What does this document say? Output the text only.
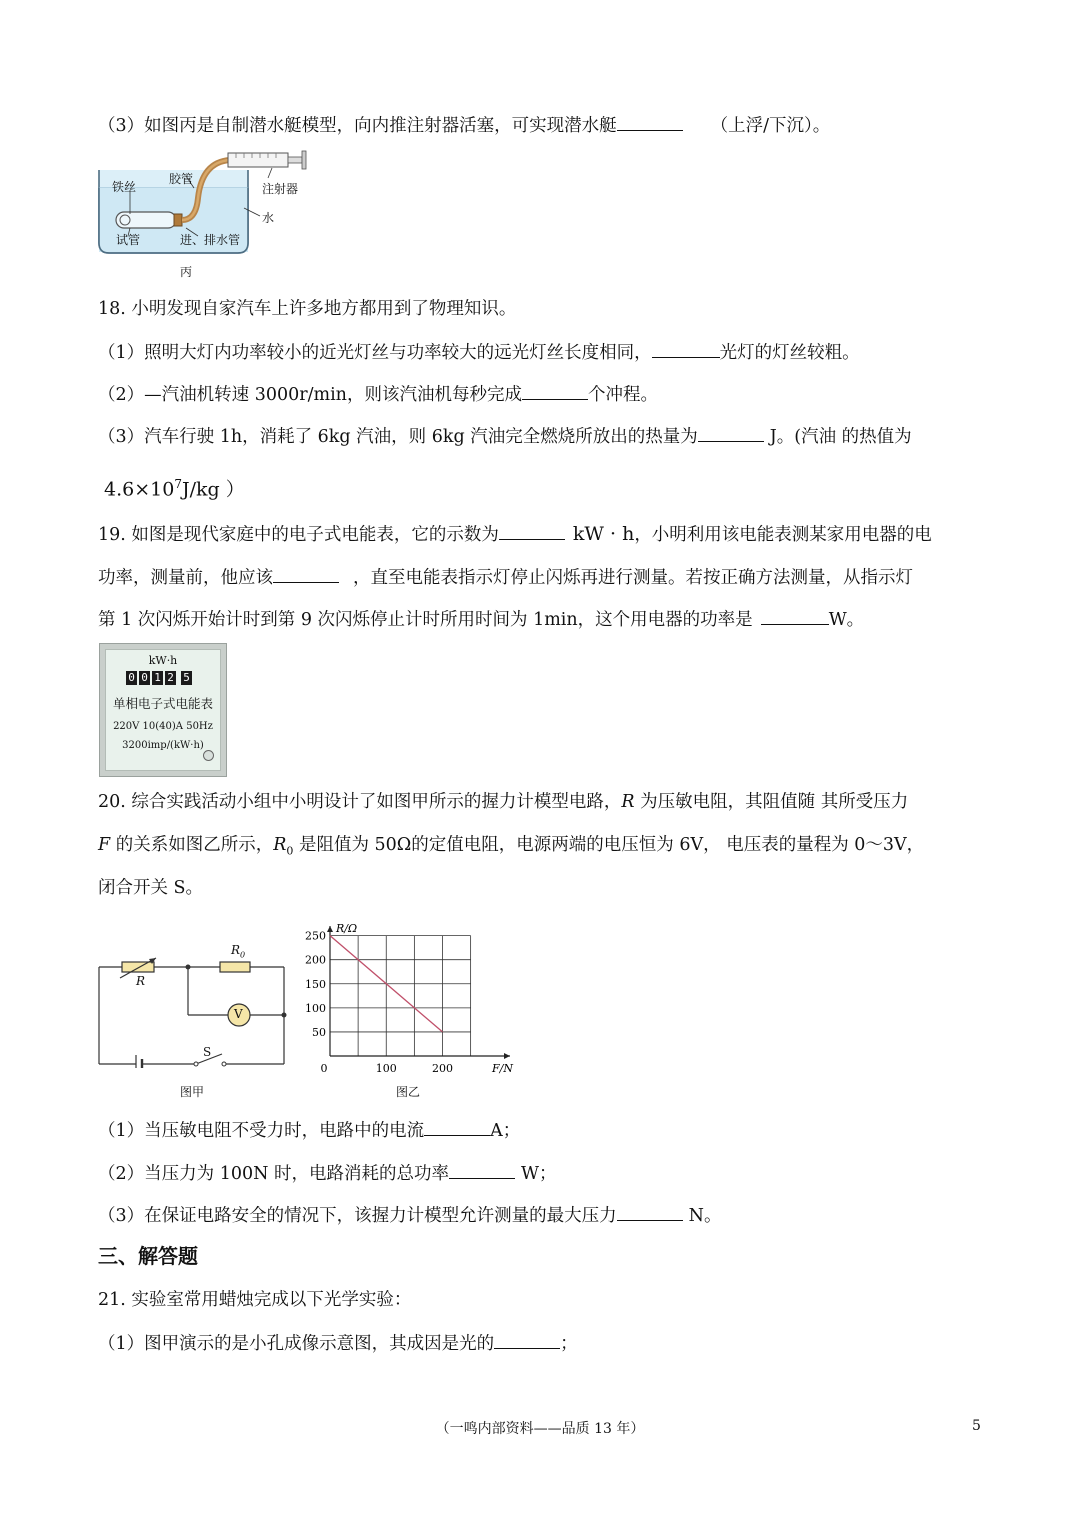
（3）如图丙是自制潜水艇模型，向内推注射器活塞，可实现潜水艇	（上浮/下沉）。
铁丝
胶管
注射器
水
试管	进、排水管
丙
18. 小明发现自家汽车上许多地方都用到了物理知识。
（1）照明大灯内功率较小的近光灯丝与功率较大的远光灯丝长度相同，	光灯的灯丝较粗。
（2）—汽油机转速 3000r/min，则该汽油机每秒完成	个冲程。
（3）汽车行驶 1h，消耗了 6kg 汽油，则 6kg 汽油完全燃烧所放出的热量为	J。(汽油 的热值为
$4.6\times 10^7J/kg$ ）
19. 如图是现代家庭中的电子式电能表，它的示数为	kW · h，小明利用该电能表测某家用电器的电
功率，测量前，他应该	，直至电能表指示灯停止闪烁再进行测量。若按正确方法测量，从指示灯
第 1 次闪烁开始计时到第 9 次闪烁停止计时所用时间为 1min，这个用电器的功率是	W。
kW·h
0 0 1 2 5
单相电子式电能表
220V 10(40)A 50Hz
3200imp/(kW·h)
20. 综合实践活动小组中小明设计了如图甲所示的握力计模型电路，R 为压敏电阻，其阻值随 其所受压力
F 的关系如图乙所示，$R_0$ 是阻值为 50Ω的定值电阻，电源两端的电压恒为 6V， 电压表的量程为 0～3V，
闭合开关 S。
R
$R_0$
V
S
图甲
50
100
150
200
250
100	200
R/Ω
F/N
0
图乙
（1）当压敏电阻不受力时，电路中的电流	A；
（2）当压力为 100N 时，电路消耗的总功率	W；
（3）在保证电路安全的情况下，该握力计模型允许测量的最大压力	N。
三、解答题
21. 实验室常用蜡烛完成以下光学实验：
（1）图甲演示的是小孔成像示意图，其成因是光的	；
（一鸣内部资料——品质 13 年）	5
